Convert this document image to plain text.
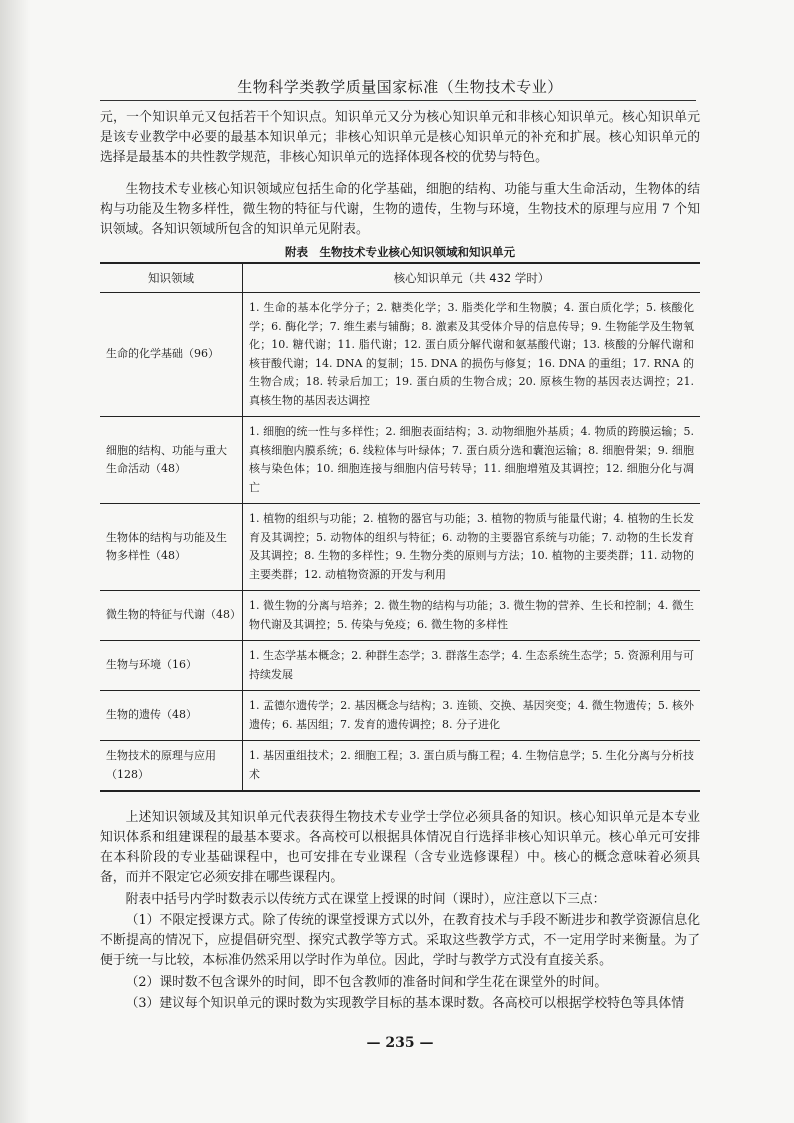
生物科学类教学质量国家标准（生物技术专业）

元，一个知识单元又包括若干个知识点。知识单元又分为核心知识单元和非核心知识单元。核心知识单元是该专业教学中必要的最基本知识单元；非核心知识单元是核心知识单元的补充和扩展。核心知识单元的选择是最基本的共性教学规范，非核心知识单元的选择体现各校的优势与特色。

生物技术专业核心知识领域应包括生命的化学基础，细胞的结构、功能与重大生命活动，生物体的结构与功能及生物多样性，微生物的特征与代谢，生物的遗传，生物与环境，生物技术的原理与应用 7 个知识领域。各知识领域所包含的知识单元见附表。

附表　生物技术专业核心知识领域和知识单元
知识领域	核心知识单元（共 432 学时）
生命的化学基础（96）	1. 生命的基本化学分子；2. 糖类化学；3. 脂类化学和生物膜；4. 蛋白质化学；5. 核酸化学；6. 酶化学；7. 维生素与辅酶；8. 激素及其受体介导的信息传导；9. 生物能学及生物氧化；10. 糖代谢；11. 脂代谢；12. 蛋白质分解代谢和氨基酸代谢；13. 核酸的分解代谢和核苷酸代谢；14. DNA 的复制；15. DNA 的损伤与修复；16. DNA 的重组；17. RNA 的生物合成；18. 转录后加工；19. 蛋白质的生物合成；20. 原核生物的基因表达调控；21. 真核生物的基因表达调控
细胞的结构、功能与重大生命活动（48）	1. 细胞的统一性与多样性；2. 细胞表面结构；3. 动物细胞外基质；4. 物质的跨膜运输；5. 真核细胞内膜系统；6. 线粒体与叶绿体；7. 蛋白质分选和囊泡运输；8. 细胞骨架；9. 细胞核与染色体；10. 细胞连接与细胞内信号转导；11. 细胞增殖及其调控；12. 细胞分化与凋亡
生物体的结构与功能及生物多样性（48）	1. 植物的组织与功能；2. 植物的器官与功能；3. 植物的物质与能量代谢；4. 植物的生长发育及其调控；5. 动物体的组织与特征；6. 动物的主要器官系统与功能；7. 动物的生长发育及其调控；8. 生物的多样性；9. 生物分类的原则与方法；10. 植物的主要类群；11. 动物的主要类群；12. 动植物资源的开发与利用
微生物的特征与代谢（48）	1. 微生物的分离与培养；2. 微生物的结构与功能；3. 微生物的营养、生长和控制；4. 微生物代谢及其调控；5. 传染与免疫；6. 微生物的多样性
生物与环境（16）	1. 生态学基本概念；2. 种群生态学；3. 群落生态学；4. 生态系统生态学；5. 资源利用与可持续发展
生物的遗传（48）	1. 孟德尔遗传学；2. 基因概念与结构；3. 连锁、交换、基因突变；4. 微生物遗传；5. 核外遗传；6. 基因组；7. 发育的遗传调控；8. 分子进化
生物技术的原理与应用（128）	1. 基因重组技术；2. 细胞工程；3. 蛋白质与酶工程；4. 生物信息学；5. 生化分离与分析技术

上述知识领域及其知识单元代表获得生物技术专业学士学位必须具备的知识。核心知识单元是本专业知识体系和组建课程的最基本要求。各高校可以根据具体情况自行选择非核心知识单元。核心单元可安排在本科阶段的专业基础课程中，也可安排在专业课程（含专业选修课程）中。核心的概念意味着必须具备，而并不限定它必须安排在哪些课程内。

附表中括号内学时数表示以传统方式在课堂上授课的时间（课时），应注意以下三点：

（1）不限定授课方式。除了传统的课堂授课方式以外，在教育技术与手段不断进步和教学资源信息化不断提高的情况下，应提倡研究型、探究式教学等方式。采取这些教学方式，不一定用学时来衡量。为了便于统一与比较，本标准仍然采用以学时作为单位。因此，学时与教学方式没有直接关系。

（2）课时数不包含课外的时间，即不包含教师的准备时间和学生花在课堂外的时间。

（3）建议每个知识单元的课时数为实现教学目标的基本课时数。各高校可以根据学校特色等具体情

— 235 —
